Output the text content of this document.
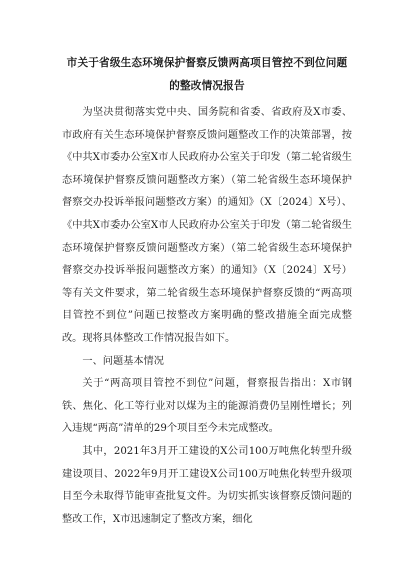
市关于省级生态环境保护督察反馈两高项目管控不到位问题的整改情况报告

为坚决贯彻落实党中央、国务院和省委、省政府及X市委、市政府有关生态环境保护督察反馈问题整改工作的决策部署，按《中共X市委办公室X市人民政府办公室关于印发（第二轮省级生态环境保护督察反馈问题整改方案）（第二轮省级生态环境保护督察交办投诉举报问题整改方案）的通知》（X〔2024〕X号）、《中共X市委办公室X市人民政府办公室关于印发（第二轮省级生态环境保护督察反馈问题整改方案）（第二轮省级生态环境保护督察交办投诉举报问题整改方案）的通知》（X〔2024〕X号）等有关文件要求，第二轮省级生态环境保护督察反馈的“两高项目管控不到位”问题已按整改方案明确的整改措施全面完成整改。现将具体整改工作情况报告如下。

一、问题基本情况

关于“两高项目管控不到位”问题，督察报告指出：X市钢铁、焦化、化工等行业对以煤为主的能源消费仍呈刚性增长；列入违规“两高”清单的29个项目至今未完成整改。

其中，2021年3月开工建设的X公司100万吨焦化转型升级建设项目、2022年9月开工建设X公司100万吨焦化转型升级项目至今未取得节能审查批复文件。为切实抓实该督察反馈问题的整改工作，X市迅速制定了整改方案，细化
